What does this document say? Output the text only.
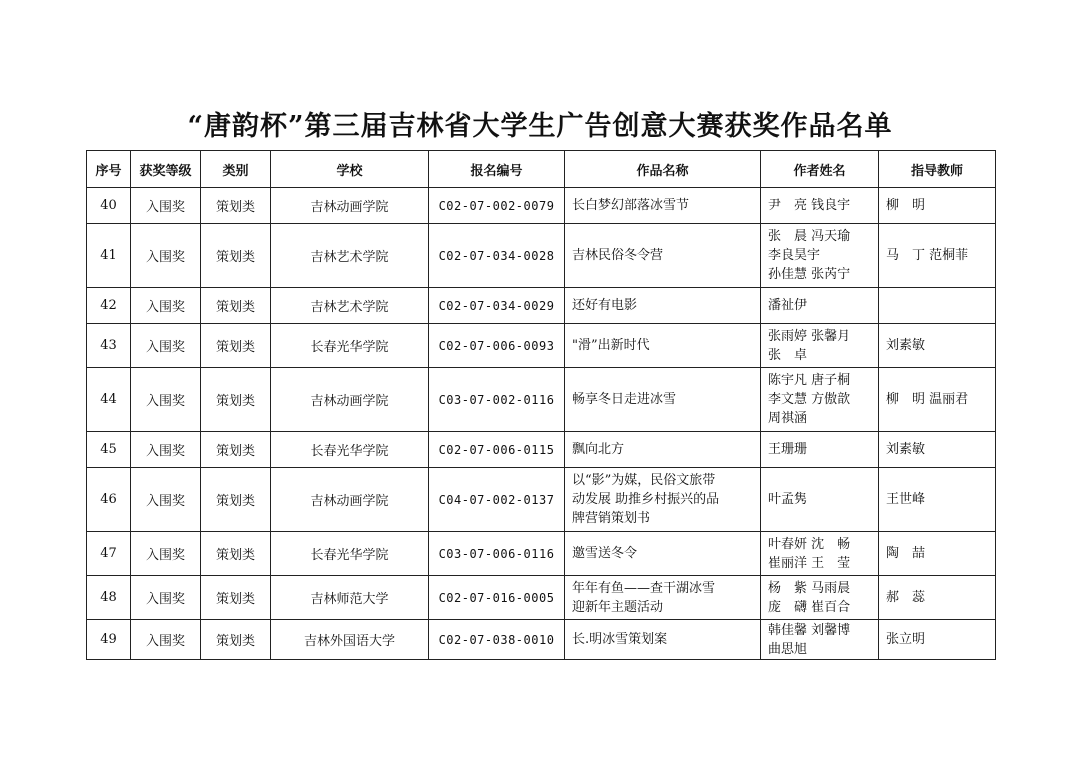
“唐韵杯”第三届吉林省大学生广告创意大赛获奖作品名单
序号	获奖等级	类别	学校	报名编号	作品名称	作者姓名	指导教师
40	入围奖	策划类	吉林动画学院	C02-07-002-0079	长白梦幻部落冰雪节	尹　亮 钱良宇	柳　明

41	入围奖	策划类	吉林艺术学院	C02-07-034-0028	吉林民俗冬令营	张　晨 冯天瑜
李良昊宇
孙佳慧 张芮宁	马　丁 范桐菲

42	入围奖	策划类	吉林艺术学院	C02-07-034-0029	还好有电影	潘祉伊	

43	入围奖	策划类	长春光华学院	C02-07-006-0093	"滑”出新时代	张雨婷 张馨月
张　卓	刘素敏

44	入围奖	策划类	吉林动画学院	C03-07-002-0116	畅享冬日走进冰雪	陈宇凡 唐子桐
李文慧 方傲歆
周祺涵	柳　明 温丽君

45	入围奖	策划类	长春光华学院	C02-07-006-0115	飘向北方	王珊珊	刘素敏

46	入围奖	策划类	吉林动画学院	C04-07-002-0137	以“影”为媒，民俗文旅带
动发展 助推乡村振兴的品
牌营销策划书	叶孟隽	王世峰

47	入围奖	策划类	长春光华学院	C03-07-006-0116	邀雪送冬令	叶春妍 沈　畅
崔丽洋 王　莹	陶　喆

48	入围奖	策划类	吉林师范大学	C02-07-016-0005	年年有鱼——查干湖冰雪
迎新年主题活动	杨　紫 马雨晨
庞　礴 崔百合	郝　蕊

49	入围奖	策划类	吉林外国语大学	C02-07-038-0010	长.明冰雪策划案	韩佳馨 刘馨博
曲思旭	张立明
